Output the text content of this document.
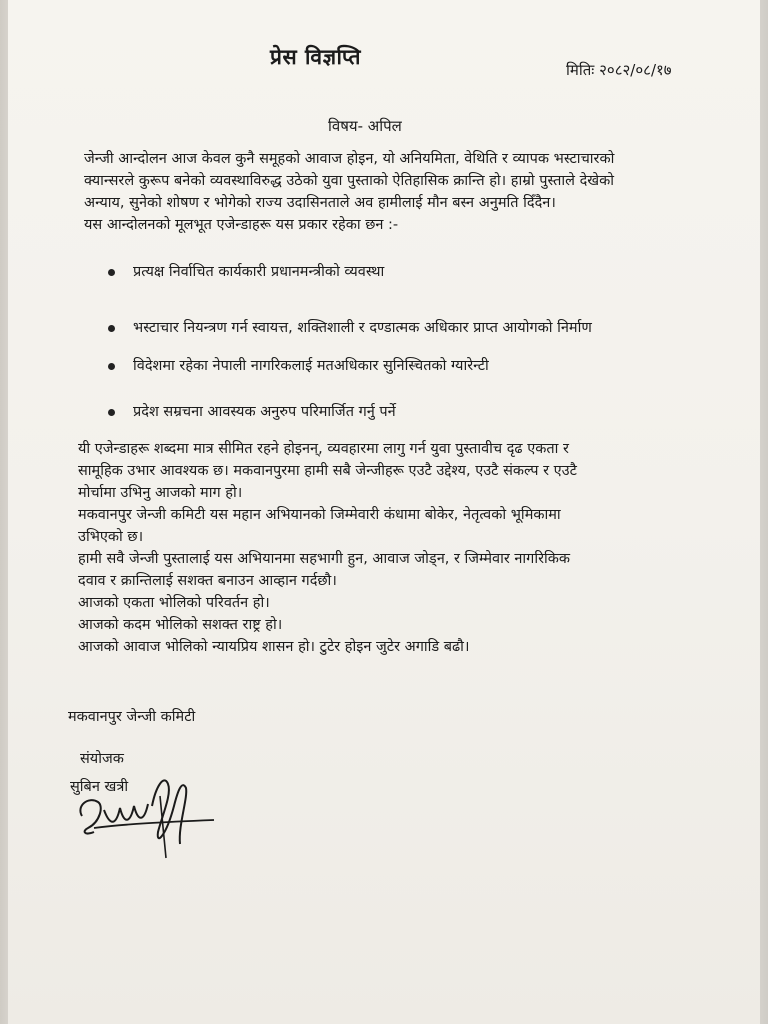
प्रेस विज्ञप्ति
मितिः २०८२/०८/१७
विषय- अपिल
जेन्जी आन्दोलन आज केवल कुनै समूहको आवाज होइन, यो अनियमिता, वेथिति र व्यापक भस्टाचारको
क्यान्सरले कुरूप बनेको व्यवस्थाविरुद्ध उठेको युवा पुस्ताको ऐतिहासिक क्रान्ति हो। हाम्रो पुस्ताले देखेको
अन्याय, सुनेको शोषण र भोगेको राज्य उदासिनताले अव हामीलाई मौन बस्न अनुमति दिँदैन।
यस आन्दोलनको मूलभूत एजेन्डाहरू यस प्रकार रहेका छन :-
प्रत्यक्ष निर्वाचित कार्यकारी प्रधानमन्त्रीको व्यवस्था
भस्टाचार नियन्त्रण गर्न स्वायत्त, शक्तिशाली र दण्डात्मक अधिकार प्राप्त आयोगको निर्माण
विदेशमा रहेका नेपाली नागरिकलाई मतअधिकार सुनिस्चितको ग्यारेन्टी
प्रदेश सम्रचना आवस्यक अनुरुप परिमार्जित गर्नु पर्ने
यी एजेन्डाहरू शब्दमा मात्र सीमित रहने होइनन्, व्यवहारमा लागु गर्न युवा पुस्तावीच दृढ एकता र
सामूहिक उभार आवश्यक छ। मकवानपुरमा हामी सबै जेन्जीहरू एउटै उद्देश्य, एउटै संकल्प र एउटै
मोर्चामा उभिनु आजको माग हो।
मकवानपुर जेन्जी कमिटी यस महान अभियानको जिम्मेवारी कंधामा बोकेर, नेतृत्वको भूमिकामा
उभिएको छ।
हामी सवै जेन्जी पुस्तालाई यस अभियानमा सहभागी हुन, आवाज जोड्न, र जिम्मेवार नागरिकिक
दवाव र क्रान्तिलाई सशक्त बनाउन आव्हान गर्दछौ।
आजको एकता भोलिको परिवर्तन हो।
आजको कदम भोलिको सशक्त राष्ट्र हो।
आजको आवाज भोलिको न्यायप्रिय शासन हो। टुटेर होइन जुटेर अगाडि बढौ।
मकवानपुर जेन्जी कमिटी
संयोजक
सुबिन खत्री
